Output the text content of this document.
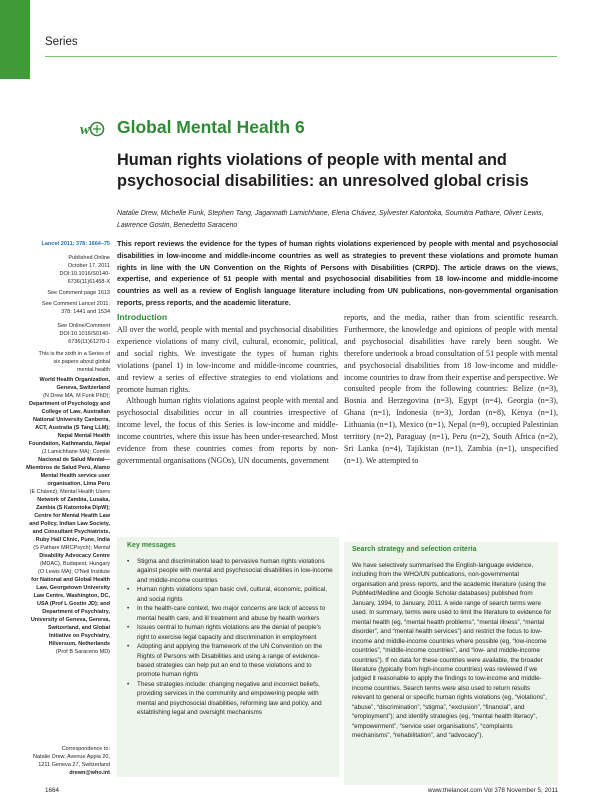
Series
w Global Mental Health 6
Human rights violations of people with mental and psychosocial disabilities: an unresolved global crisis
Natalie Drew, Michelle Funk, Stephen Tang, Jagannath Lamichhane, Elena Chávez, Sylvester Katontoka, Soumitra Pathare, Oliver Lewis,
Lawrence Gostin, Benedetto Saraceno
Lancet 2011; 378: 1664–75

Published Online

October 17, 2011

DOI:10.1016/S0140-

6736(11)61458-X

See Comment page 1613

See Comment Lancet 2011;

378: 1441 and 1534

See Online/Comment

DOI:10.1016/S0140-

6736(11)61270-1

This is the sixth in a Series of

six papers about global

mental health

World Health Organization,

Geneva, Switzerland

(N Drew MA, M Funk PhD);

Department of Psychology and

College of Law, Australian

National University Canberra,

ACT, Australia (S Tang LLM);

Nepal Mental Health

Foundation, Kathmandu, Nepal

(J Lamichhane MA); Comité

Nacional de Salud Mental—

Miembros de Salud Perú, Alamo

Mental Health service user

organisation, Lima Peru

(E Chávez); Mental Health Users

Network of Zambia, Lusaka,

Zambia (S Katontoka DipW);

Centre for Mental Health Law

and Policy, Indian Law Society,

and Consultant Psychiatrists,

Ruby Hall Clinic, Pune, India

(S Pathare MRCPsych); Mental

Disability Advocacy Centre

(MDAC), Budapest, Hungary

(O Lewis MA); O'Neil Institute

for National and Global Health

Law, Georgetown University

Law Centre, Washington, DC,

USA (Prof L Gostin JD); and

Department of Psychiatry,

University of Geneva, Geneva,

Switzerland, and Global

Initiative on Psychiatry,

Hilversum, Netherlands

(Prof B Saraceno MD)

Correspondence to:

Natalie Drew, Avenue Appia 20,

1211 Geneva 27, Switzerland

drewn@who.int

This report reviews the evidence for the types of human rights violations experienced by people with mental and psychosocial disabilities in low-income and middle-income countries as well as strategies to prevent these violations and promote human rights in line with the UN Convention on the Rights of Persons with Disabilities (CRPD). The article draws on the views, expertise, and experience of 51 people with mental and psychosocial disabilities from 18 low-income and middle-income countries as well as a review of English language literature including from UN publications, non-governmental organisation reports, press reports, and the academic literature.
Introduction

All over the world, people with mental and psychosocial disabilities experience violations of many civil, cultural, economic, political, and social rights. We investigate the types of human rights violations (panel 1) in low-income and middle-income countries, and review a series of effective strategies to end violations and promote human rights.

Although human rights violations against people with mental and psychosocial disabilities occur in all countries irrespective of income level, the focus of this Series is low-income and middle-income countries, where this issue has been under-researched. Most evidence from these countries comes from reports by non-governmental organisations (NGOs), UN documents, government

reports, and the media, rather than from scientific research. Furthermore, the knowledge and opinions of people with mental and psychosocial disabilities have rarely been sought. We therefore undertook a broad consultation of 51 people with mental and psychosocial disabilities from 18 low-income and middle-income countries to draw from their expertise and perspective. We consulted people from the following countries: Belize (n=3), Bosnia and Herzegovina (n=3), Egypt (n=4), Georgia (n=3), Ghana (n=1), Indonesia (n=3), Jordan (n=8), Kenya (n=1), Lithuania (n=1), Mexico (n=1), Nepal (n=9), occupied Palestinian territory (n=2), Paraguay (n=1), Peru (n=2), South Africa (n=2), Sri Lanka (n=4), Tajikistan (n=1), Zambia (n=1), unspecified (n=1). We attempted to

Key messages
• Stigma and discrimination lead to pervasive human rights violations against people with mental and psychosocial disabilities in low-income and middle-income countries
• Human rights violations span basic civil, cultural, economic, political, and social rights
• In the health-care context, two major concerns are lack of access to mental health care, and ill treatment and abuse by health workers
• Issues central to human rights violations are the denial of people's right to exercise legal capacity and discrimination in employment
• Adopting and applying the framework of the UN Convention on the Rights of Persons with Disabilities and using a range of evidence-based strategies can help put an end to these violations and to promote human rights
• These strategies include: changing negative and incorrect beliefs, providing services in the community and empowering people with mental and psychosocial disabilities, reforming law and policy, and establishing legal and oversight mechanisms
Search strategy and selection criteria
We have selectively summarised the English-language evidence, including from the WHO/UN publications, non-governmental organisation and press reports, and the academic literature (using the PubMed/Medline and Google Scholar databases) published from January, 1994, to January, 2011. A wide range of search terms were used. In summary, terms were used to limit the literature to evidence for mental health (eg, “mental health problems”, “mental illness”, “mental disorder”, and “mental health services”) and restrict the focus to low-income and middle-income countries where possible (eg, “low-income countries”, “middle-income countries”, and “low- and middle-income countries”). If no data for these countries were available, the broader literature (typically from high-income countries) was reviewed if we judged it reasonable to apply the findings to low-income and middle-income countries. Search terms were also used to return results relevant to general or specific human rights violations (eg, “violations”, “abuse”, “discrimination”, “stigma”, “exclusion”, “financial”, and “employment”); and identify strategies (eg, “mental health literacy”, “empowerment”, “service user organisations”, “complaints mechanisms”, “rehabilitation”, and “advocacy”).
1664	www.thelancet.com Vol 378 November 5, 2011
